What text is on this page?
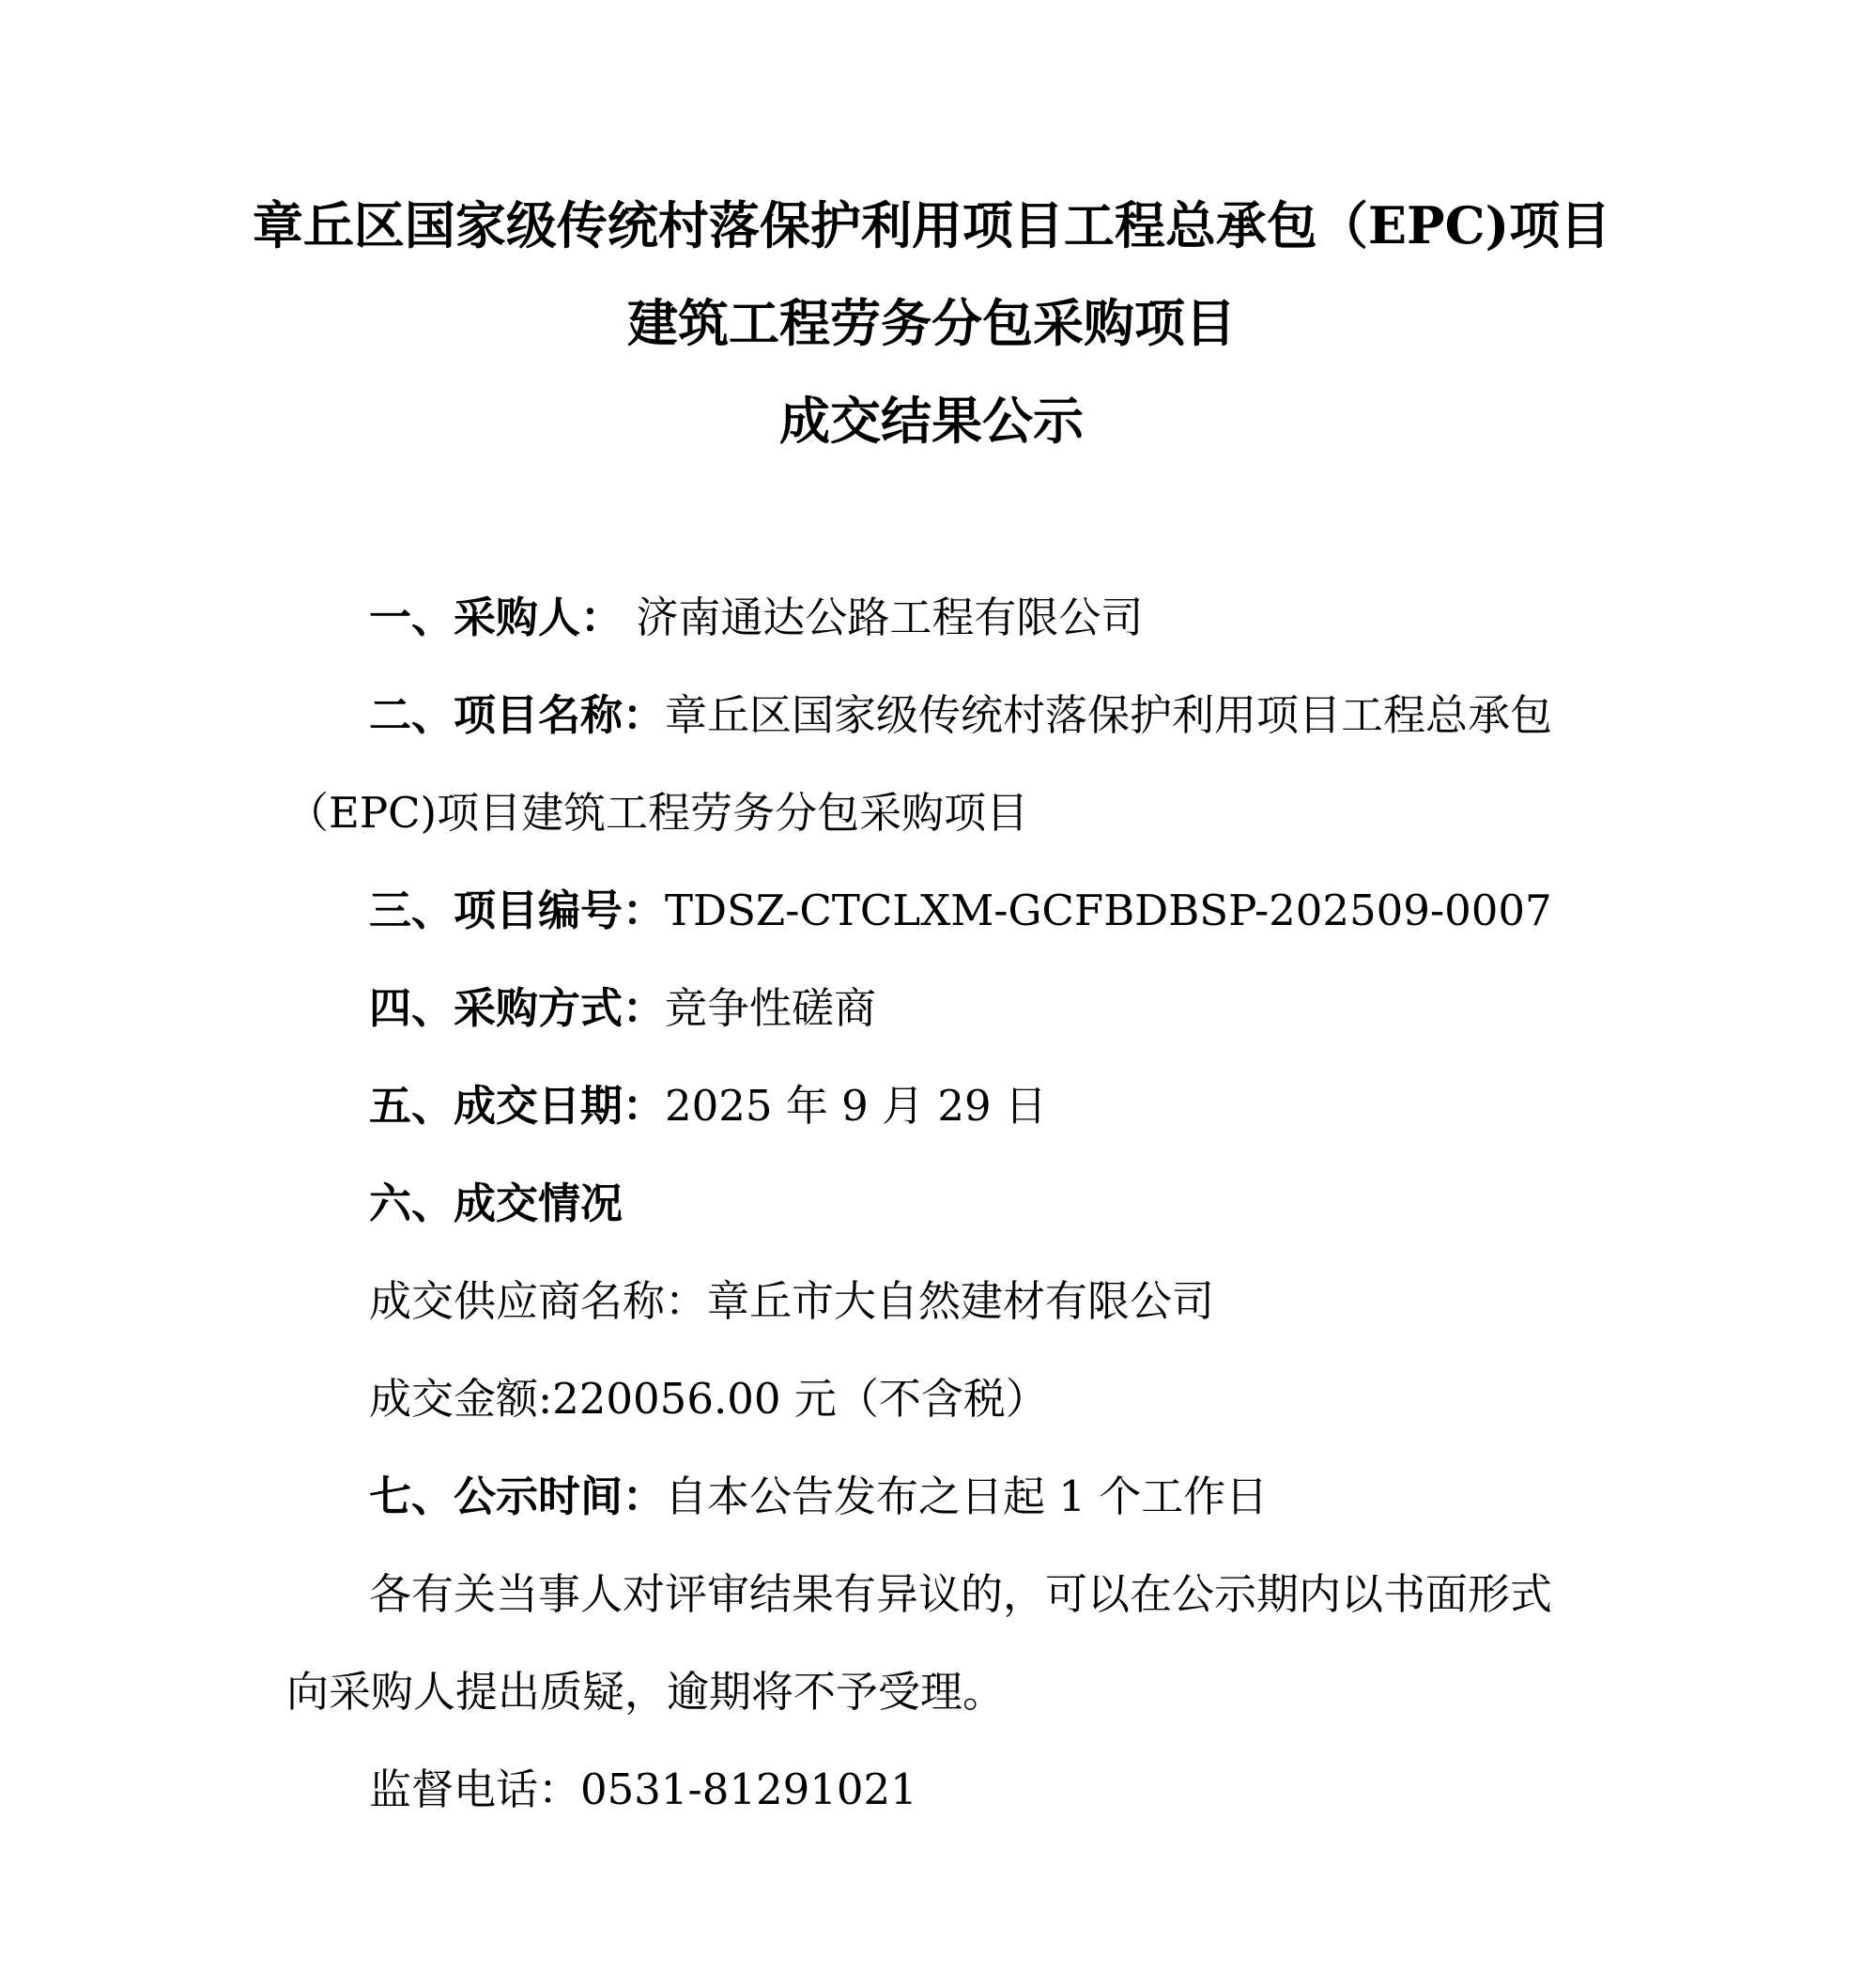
章丘区国家级传统村落保护利用项目工程总承包（EPC)项目
建筑工程劳务分包采购项目
成交结果公示
一、采购人： 济南通达公路工程有限公司
二、项目名称：章丘区国家级传统村落保护利用项目工程总承包
（EPC)项目建筑工程劳务分包采购项目
三、项目编号：TDSZ-CTCLXM-GCFBDBSP-202509-0007
四、采购方式：竞争性磋商
五、成交日期：2025 年 9 月 29 日
六、成交情况
成交供应商名称：章丘市大自然建材有限公司
成交金额:220056.00 元（不含税）
七、公示时间：自本公告发布之日起 1 个工作日
各有关当事人对评审结果有异议的，可以在公示期内以书面形式
向采购人提出质疑，逾期将不予受理。
监督电话：0531-81291021
